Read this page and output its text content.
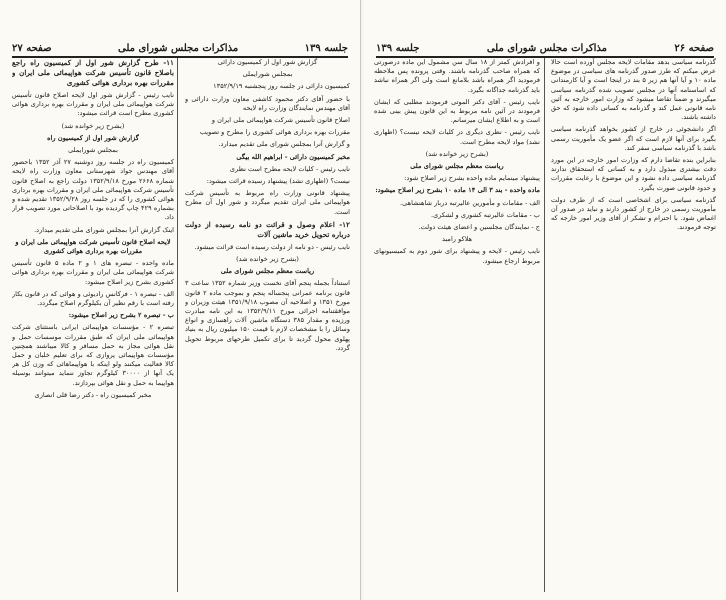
جلسه ۱۳۹
مذاکرات مجلس شورای ملی
صفحه ۲۷

گزارش شور اول از کمیسیون دارائی

بمجلس شورایملی

کمیسیون دارائی در جلسه روز پنجشنبه ۱۳۵۲/۹/۱۹

با حضور آقای دکتر محمود کاشفی معاون وزارت دارائی و آقای مهندس نمایندگان وزارت راه لایحه

اصلاح قانون تأسیس شرکت هواپیمائی ملی ایران و

مقررات بهره برداری هوائی کشوری را مطرح و تصویب

و گزارش آنرا بمجلس شورای ملی تقدیم میدارد.

مخبر کمیسیون دارائی - ابراهیم الله بیگی

نایب رئیس - کلیات لایحه مطرح است نظری

نیست؟ (اظهاری نشد) پیشنهاد رسیده قرائت میشود:

پیشنهاد قانونی وزارت راه مربوط به تأسیس شرکت هواپیمائی ملی ایران تقدیم میگردد و شور اول آن مطرح است.

۱۲- اعلام وصول و قرائت دو نامه رسیده از دولت درباره تحویل خرید ماشین آلات

نایب رئیس - دو نامه از دولت رسیده است قرائت میشود.

(بشرح زیر خوانده شد)

ریاست معظم مجلس شورای ملی

استناداً بجمله پنجم آقای نخست وزیر شماره ۱۳۵۲ ساعت ۳ قانون برنامه عمرانی پنجساله پنجم و بموجب ماده ۲ قانون مورخ ۱۳۵۱ و اصلاحیه آن مصوب ۱۳۵۱/۹/۱۸ هیئت وزیران و موافقتنامه اجرائی مورخ ۱۳۵۲/۹/۱۱ به این نامه مبادرت ورزیده و مقدار ۳۸۵ دستگاه ماشین آلات راهسازی و انواع وسائل را با مشخصات لازم با قیمت ۱۵۰ میلیون ریال به بنیاد پهلوی محول گردید تا برای تکمیل طرحهای مربوط تحویل گردد.

۱۱- طرح گزارش شور اول از کمیسیون راه راجع باصلاح قانون تأسیس شرکت هواپیمائی ملی ایران و مقررات بهره برداری هوائی کشوری

نایب رئیس - گزارش شور اول لایحه اصلاح قانون تأسیس شرکت هواپیمائی ملی ایران و مقررات بهره برداری هوائی کشوری مطرح است قرائت میشود:

(بشرح زیر خوانده شد)

گزارش شور اول از کمیسیون راه

بمجلس شورایملی

کمیسیون راه در جلسه روز دوشنبه ۲۷ آذر ۱۳۵۲ باحضور آقای مهندس جواد شهرستانی معاون وزارت راه لایحه شماره ۲۶۶۸ مورخ ۱۳۵۲/۹/۱۸ دولت راجع به اصلاح قانون تأسیس شرکت هواپیمائی ملی ایران و مقررات بهره برداری هوائی کشوری را که در جلسه روز ۱۳۵۲/۹/۲۸ تقدیم شده و بشماره ۴۲۹ چاپ گردیده بود با اصلاحاتی مورد تصویب قرار داد.

اینک گزارش آنرا بمجلس شورای ملی تقدیم میدارد.

لایحه اصلاح قانون تأسیس شرکت هواپیمائی ملی ایران و مقررات بهره برداری هوائی کشوری

ماده واحده - تبصره های ۱ و ۲ ماده ۵ قانون تأسیس شرکت هواپیمائی ملی ایران و مقررات بهره برداری هوائی کشوری بشرح زیر اصلاح میشود:

الف - تبصره ۱ - فرکانس رادیوئی و هوائی که در قانون بکار رفته است با رقم نظیر آن بکیلوگرم اصلاح میگردد.

ب - تبصره ۲ بشرح زیر اصلاح میشود:

تبصره ۲ - مؤسسات هواپیمائی ایرانی باستثنای شرکت هواپیمائی ملی ایران که طبق مقررات موسسات حمل و نقل هوائی مجاز به حمل مسافر و کالا میباشند همچنین مؤسسات هواپیمائی پروازی که برای تعلیم خلبان و حمل کالا فعالیت میکنند ولو اینکه با هواپیماهائی که وزن کل هر یک آنها از ۳۰۰۰۰ کیلوگرم تجاوز ننماید میتوانند بوسیله هواپیما به حمل و نقل هوائی بپردازند.

مخبر کمیسیون راه - دکتر رضا قلی انصاری

صفحه ۲۶
مذاکرات مجلس شورای ملی
جلسه ۱۳۹

گذرنامه سیاسی بدهد مقامات لایحه مجلس آورده است حالا عرض میکنم که طرز صدور گذرنامه های سیاسی در موضوع ماده ۱۰ و آیا آنها هم زیر ۵ بند در اینجا است و آیا کارمندانی که اساسنامه آنها در مجلس تصویب شده گذرنامه سیاسی میگیرند و ضمناً تقاضا میشود که وزارت امور خارجه به آئین نامه قانونی عمل کند و گذرنامه به کسانی داده شود که حق داشته باشند.

اگر دانشجوئی در خارج از کشور بخواهد گذرنامه سیاسی بگیرد برای آنها لازم است که اگر عضو یک مأموریت رسمی باشد با گذرنامه سیاسی سفر کند.

بنابراین بنده تقاضا دارم که وزارت امور خارجه در این مورد دقت بیشتری مبذول دارد و به کسانی که استحقاق ندارند گذرنامه سیاسی داده نشود و این موضوع با رعایت مقررات و حدود قانونی صورت بگیرد.

گذرنامه سیاسی برای اشخاصی است که از طرف دولت مأموریت رسمی در خارج از کشور دارند و نباید در صدور آن اغماض شود. با احترام و تشکر از آقای وزیر امور خارجه که توجه فرمودند.

و افرادش کمتر از ۱۸ سال سن مشمول این ماده درصورتی که همراه صاحب گذرنامه باشند. وقتی پرونده پس ملاحظه فرمودید اگر همراه باشد بلامانع است ولی اگر همراه نباشد باید گذرنامه جداگانه بگیرد.

نایب رئیس - آقای دکتر الموتی فرمودند مطلبی که ایشان فرمودند در آئین نامه مربوط به این قانون پیش بینی شده است و به اطلاع ایشان میرسانم.

نایب رئیس - نظری دیگری در کلیات لایحه نیست؟ (اظهاری نشد) مواد لایحه مطرح است.

(بشرح زیر خوانده شد)

ریاست معظم مجلس شورای ملی

پیشنهاد مینمایم ماده واحده بشرح زیر اصلاح شود:

ماده واحده - بند ۳ الی ۱۴ ماده ۱۰ بشرح زیر اصلاح میشود:

الف - مقامات و مأمورین عالیرتبه دربار شاهنشاهی.

ب - مقامات عالیرتبه کشوری و لشکری.

ج - نمایندگان مجلسین و اعضای هیئت دولت.

هلاکو رامبد

نایب رئیس - لایحه و پیشنهاد برای شور دوم به کمیسیونهای مربوط ارجاع میشود.
